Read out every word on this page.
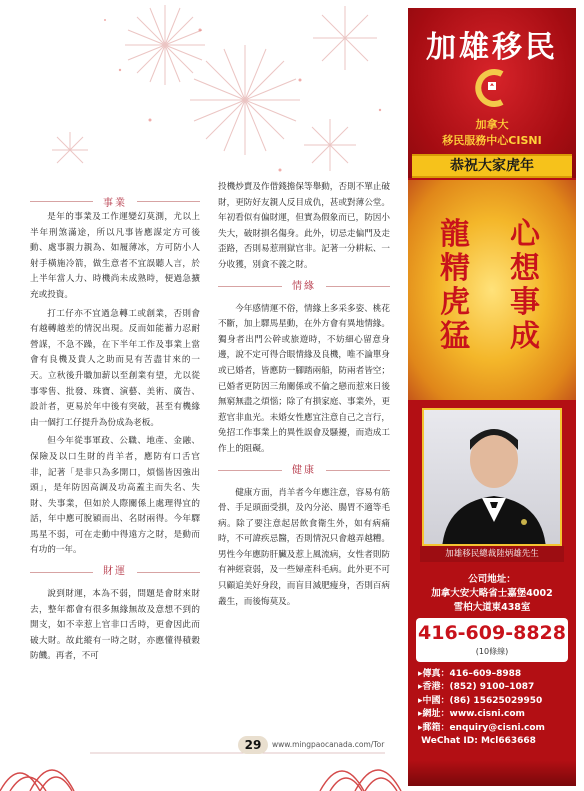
事業

是年的事業及工作運變幻莫測，尤以上半年刑煞滿途，所以凡事皆應謀定方可後動、處事親力親為、如履薄冰，方可防小人射手橫施冷箭，做生意者不宜誤聽人言，於上半年當人力、時機尚未成熟時，便過急擴充或投資。

打工仔亦不宜過急轉工或創業，否則會有越轉越差的情況出現。反而如能蓄力忍耐營謀，不急不躁，在下半年工作及事業上當會有良機及貴人之助而見有苦盡甘來的一天。立秋後升職加薪以至創業有望，尤以從事零售、批發、珠寶、演藝、美術、廣告、設計者，更易於年中後有突破，甚至有機緣由一個打工仔提升為份成為老板。

但今年從事軍政、公職、地產、金融、保險及以口生財的肖羊者，應防有口舌官非，記著「是非只為多開口，煩惱皆因強出頭」，是年防因高調及功高蓋主而失名、失財、失事業，但如於人際關係上處理得宜的話，年中應可脫穎而出、名財兩得。今年驛馬星不弱，可在走動中得遠方之財，是動而有功的一年。

財運

說到財運，本為不弱，問題是會財來財去，整年都會有很多無緣無故及意想不到的開支，如不幸惹上官非口舌時，更會因此而破大財。故此縱有一時之財，亦應懂得積穀防饑。再者，不可

投機炒賣及作借錢擔保等舉動，否則不單止破財，更防好友親人反目成仇，甚或對薄公堂。年初看似有偏財運，但實為假象而已，防因小失大，破財損名傷身。此外，切忌走偏門及走歪路，否則易惹刑獄官非。記著一分耕耘、一分收獲，別貪不義之財。

情緣

今年感情運不俗，情緣上多采多姿、桃花不斷，加上驛馬星動，在外方會有異地情緣。獨身者出門公幹或旅遊時，不妨細心留意身邊，說不定可得合眼情緣及良機，唯不論單身或已婚者，皆應防一腳踏兩船，防兩者皆空；已婚者更防因三角關係或不倫之戀而惹來日後無窮無盡之煩惱；除了有損家庭、事業外，更惹官非血光。未婚女性應宜注意自己之言行，免招工作事業上的異性誤會及騷擾，而造成工作上的阻礙。

健康

健康方面，肖羊者今年應注意，容易有筋骨、手足頭面受損，及內分泌、腸胃不適等毛病。除了要注意起居飲食衛生外，如有病痛時，不可諱疾忌醫，否則情況只會越弄越糟。男性今年應防肝臟及惹上風流病，女性者則防有神經衰弱，及一些婦產科毛病。此外更不可只顧追美好身段，而盲目減肥瘦身，否則百病叢生，而後悔莫及。

29	www.mingpaocanada.com/Tor
加雄移民
加拿大
移民服務中心CISNI
恭祝大家虎年
龍精虎猛
心想事成
加雄移民總裁陸炳雄先生
公司地址：
加拿大安大略省士嘉堡4002
雪柏大道東438室
416-609-8828
(10條線)
▸ 傳真： 416–609–8988
▸ 香港： (852) 9100–1087
▸ 中國： (86) 15625029950
▸ 網址： www.cisni.com
▸ 郵箱： enquiry@cisni.com

WeChat ID:
Mcl663668
